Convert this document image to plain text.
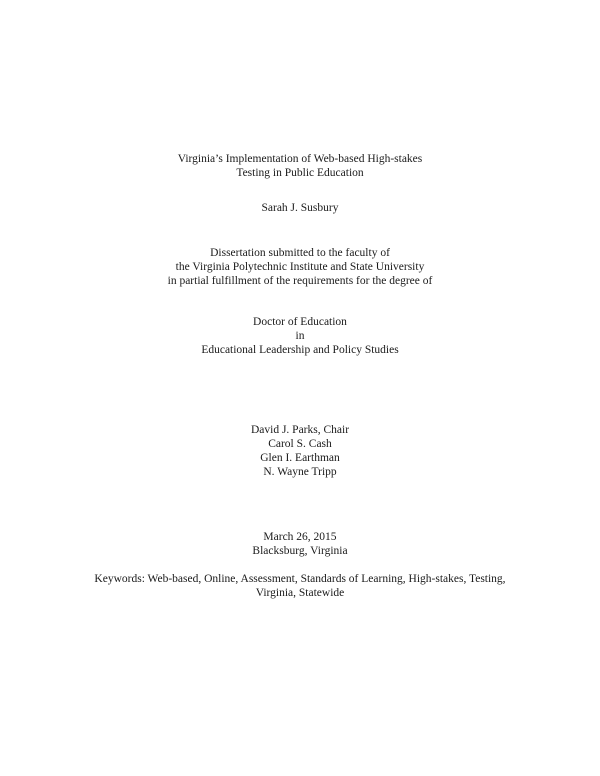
Virginia’s Implementation of Web-based High-stakes
Testing in Public Education
Sarah J. Susbury
Dissertation submitted to the faculty of
the Virginia Polytechnic Institute and State University
in partial fulfillment of the requirements for the degree of
Doctor of Education
in
Educational Leadership and Policy Studies
David J. Parks, Chair
Carol S. Cash
Glen I. Earthman
N. Wayne Tripp
March 26, 2015
Blacksburg, Virginia
Keywords: Web-based, Online, Assessment, Standards of Learning, High-stakes, Testing,
Virginia, Statewide
